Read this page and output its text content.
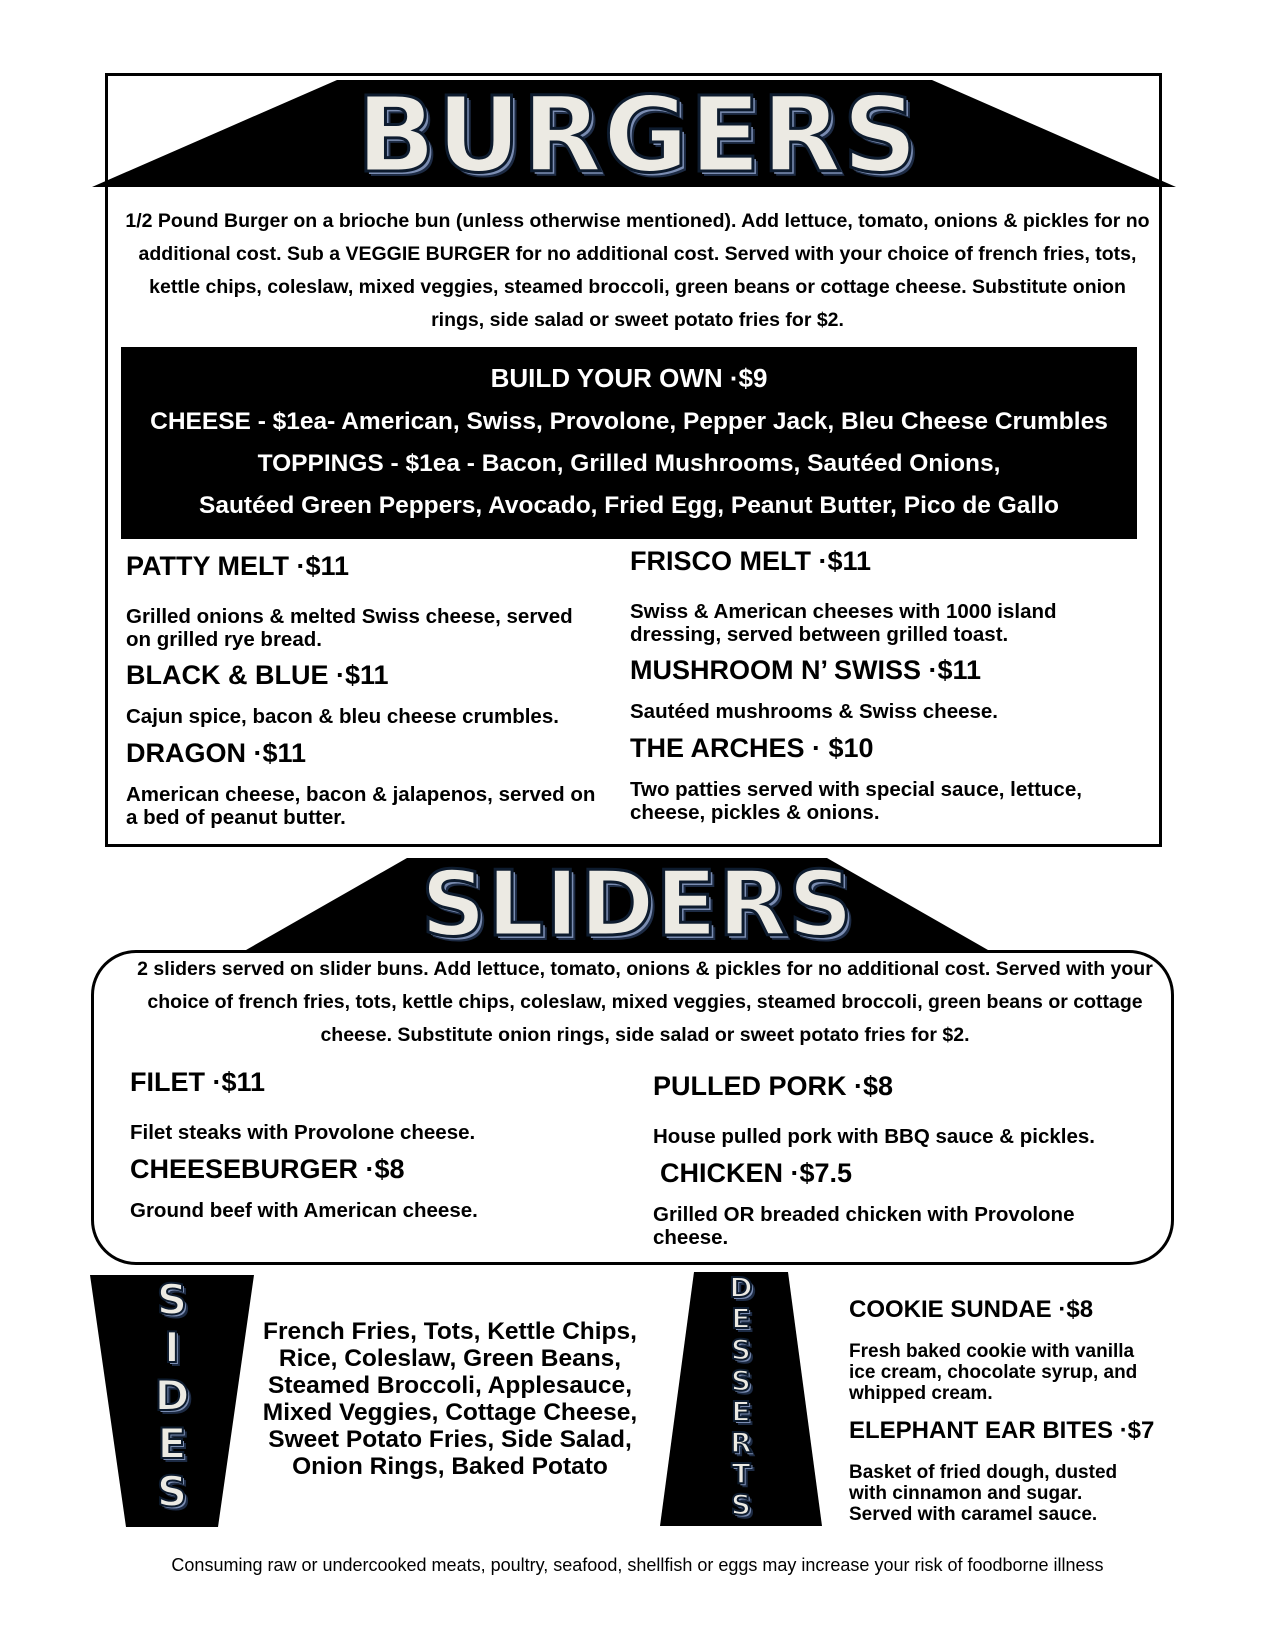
BURGERS
1/2 Pound Burger on a brioche bun (unless otherwise mentioned). Add lettuce, tomato, onions & pickles for no additional cost. Sub a VEGGIE BURGER for no additional cost. Served with your choice of french fries, tots, kettle chips, coleslaw, mixed veggies, steamed broccoli, green beans or cottage cheese. Substitute onion rings, side salad or sweet potato fries for $2.
BUILD YOUR OWN ·$9
CHEESE - $1ea- American, Swiss, Provolone, Pepper Jack, Bleu Cheese Crumbles
TOPPINGS - $1ea - Bacon, Grilled Mushrooms, Sautéed Onions,
Sautéed Green Peppers, Avocado, Fried Egg, Peanut Butter, Pico de Gallo
PATTY MELT ·$11
Grilled onions & melted Swiss cheese, served on grilled rye bread.
BLACK & BLUE ·$11
Cajun spice, bacon & bleu cheese crumbles.
DRAGON ·$11
American cheese, bacon & jalapenos, served on a bed of peanut butter.
FRISCO MELT ·$11
Swiss & American cheeses with 1000 island dressing, served between grilled toast.
MUSHROOM N’ SWISS ·$11
Sautéed mushrooms & Swiss cheese.
THE ARCHES · $10
Two patties served with special sauce, lettuce, cheese, pickles & onions.
SLIDERS
2 sliders served on slider buns. Add lettuce, tomato, onions & pickles for no additional cost. Served with your choice of french fries, tots, kettle chips, coleslaw, mixed veggies, steamed broccoli, green beans or cottage cheese. Substitute onion rings, side salad or sweet potato fries for $2.
FILET ·$11
Filet steaks with Provolone cheese.
CHEESEBURGER ·$8
Ground beef with American cheese.
PULLED PORK ·$8
House pulled pork with BBQ sauce & pickles.
CHICKEN ·$7.5
Grilled OR breaded chicken with Provolone cheese.
S
I
D
E
S
French Fries, Tots, Kettle Chips, Rice, Coleslaw, Green Beans, Steamed Broccoli, Applesauce, Mixed Veggies, Cottage Cheese, Sweet Potato Fries, Side Salad, Onion Rings, Baked Potato
D
E
S
S
E
R
T
S
COOKIE SUNDAE ·$8
Fresh baked cookie with vanilla ice cream, chocolate syrup, and whipped cream.
ELEPHANT EAR BITES ·$7
Basket of fried dough, dusted with cinnamon and sugar. Served with caramel sauce.
Consuming raw or undercooked meats, poultry, seafood, shellfish or eggs may increase your risk of foodborne illness
